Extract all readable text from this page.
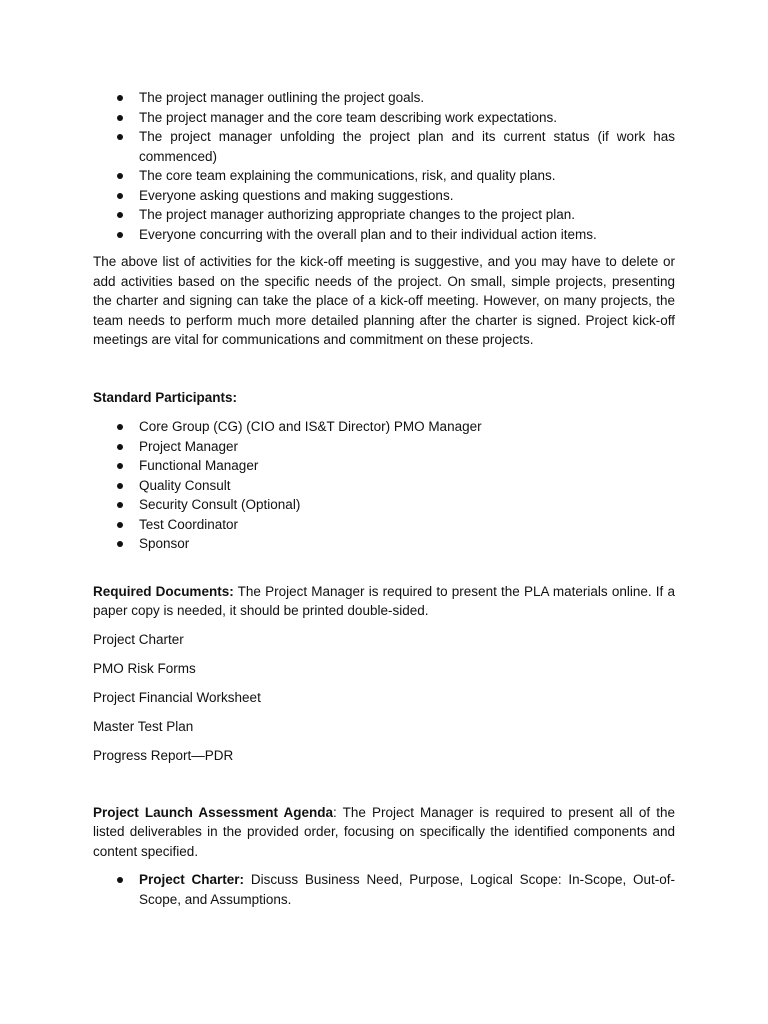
The project manager outlining the project goals.
The project manager and the core team describing work expectations.
The project manager unfolding the project plan and its current status (if work has commenced)
The core team explaining the communications, risk, and quality plans.
Everyone asking questions and making suggestions.
The project manager authorizing appropriate changes to the project plan.
Everyone concurring with the overall plan and to their individual action items.

The above list of activities for the kick-off meeting is suggestive, and you may have to delete or add activities based on the specific needs of the project. On small, simple projects, presenting the charter and signing can take the place of a kick-off meeting. However, on many projects, the team needs to perform much more detailed planning after the charter is signed. Project kick-off meetings are vital for communications and commitment on these projects.

Standard Participants:

Core Group (CG) (CIO and IS&T Director) PMO Manager
Project Manager
Functional Manager
Quality Consult
Security Consult (Optional)
Test Coordinator
Sponsor

Required Documents: The Project Manager is required to present the PLA materials online. If a paper copy is needed, it should be printed double-sided.

Project Charter

PMO Risk Forms

Project Financial Worksheet

Master Test Plan

Progress Report—PDR

Project Launch Assessment Agenda: The Project Manager is required to present all of the listed deliverables in the provided order, focusing on specifically the identified components and content specified.

Project Charter: Discuss Business Need, Purpose, Logical Scope: In-Scope, Out-of-Scope, and Assumptions.
